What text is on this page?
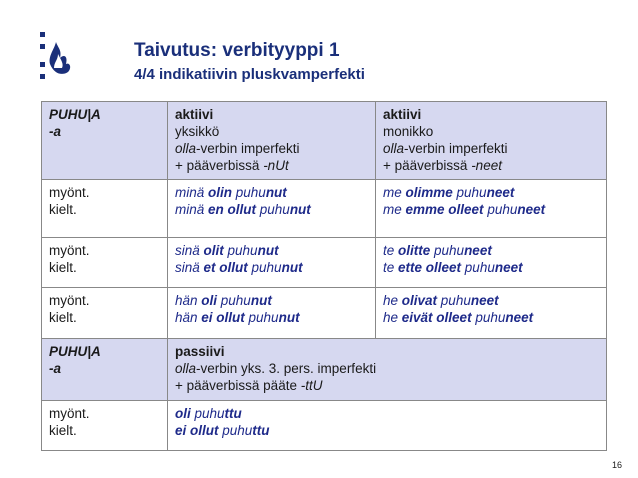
Taivutus: verbityyppi 1
4/4 indikatiivin pluskvamperfekti
PUHU|A
-a	aktiivi
yksikkö
olla-verbin imperfekti
+ pääverbissä -nUt	aktiivi
monikko
olla-verbin imperfekti
+ pääverbissä -neet

myönt.
kielt.	minä olin puhunut
minä en ollut puhunut	me olimme puhuneet
me emme olleet puhuneet

myönt.
kielt.	sinä olit puhunut
sinä et ollut puhunut	te olitte puhuneet
te ette olleet puhuneet

myönt.
kielt.	hän oli puhunut
hän ei ollut puhunut	he olivat puhuneet
he eivät olleet puhuneet

PUHU|A
-a	passiivi
olla-verbin yks. 3. pers. imperfekti
+ pääverbissä pääte -ttU	

myönt.
kielt.	oli puhuttu
ei ollut puhuttu	
16
